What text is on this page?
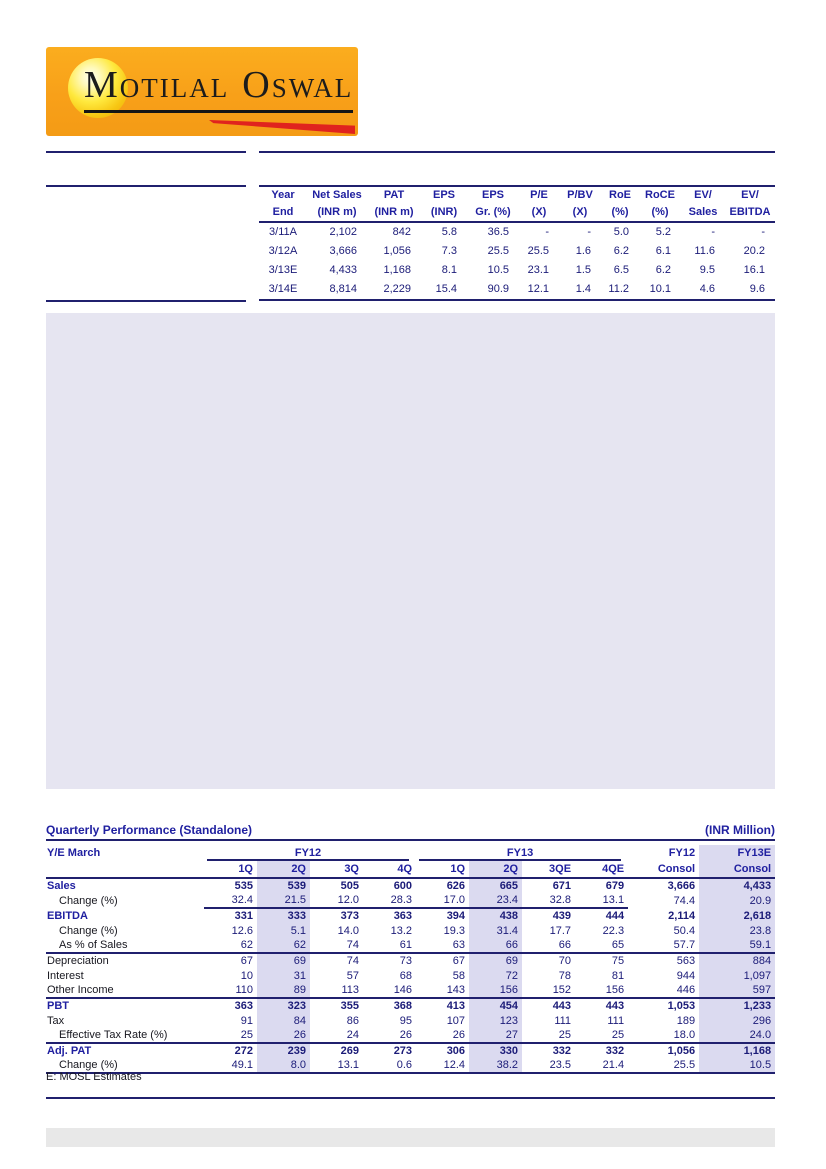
MOTILAL OSWAL
Year	Net Sales	PAT	EPS	EPS	P/E	P/BV	RoE	RoCE	EV/	EV/
End	(INR m)	(INR m)	(INR)	Gr. (%)	(X)	(X)	(%)	(%)	Sales	EBITDA
3/11A	2,102	842	5.8	36.5	-	-	5.0	5.2	-	-
3/12A	3,666	1,056	7.3	25.5	25.5	1.6	6.2	6.1	11.6	20.2
3/13E	4,433	1,168	8.1	10.5	23.1	1.5	6.5	6.2	9.5	16.1
3/14E	8,814	2,229	15.4	90.9	12.1	1.4	11.2	10.1	4.6	9.6
Quarterly Performance (Standalone)	(INR Million)
Y/E March	FY12				FY13				FY12	FY13E
	1Q	2Q	3Q	4Q	1Q	2Q	3QE	4QE	Consol	Consol
Sales	535	539	505	600	626	665	671	679	3,666	4,433
Change (%)	32.4	21.5	12.0	28.3	17.0	23.4	32.8	13.1	74.4	20.9
EBITDA	331	333	373	363	394	438	439	444	2,114	2,618
Change (%)	12.6	5.1	14.0	13.2	19.3	31.4	17.7	22.3	50.4	23.8
As % of Sales	62	62	74	61	63	66	66	65	57.7	59.1
Depreciation	67	69	74	73	67	69	70	75	563	884
Interest	10	31	57	68	58	72	78	81	944	1,097
Other Income	110	89	113	146	143	156	152	156	446	597
PBT	363	323	355	368	413	454	443	443	1,053	1,233
Tax	91	84	86	95	107	123	111	111	189	296
Effective Tax Rate (%)	25	26	24	26	26	27	25	25	18.0	24.0
Adj. PAT	272	239	269	273	306	330	332	332	1,056	1,168
Change (%)	49.1	8.0	13.1	0.6	12.4	38.2	23.5	21.4	25.5	10.5
E: MOSL Estimates
